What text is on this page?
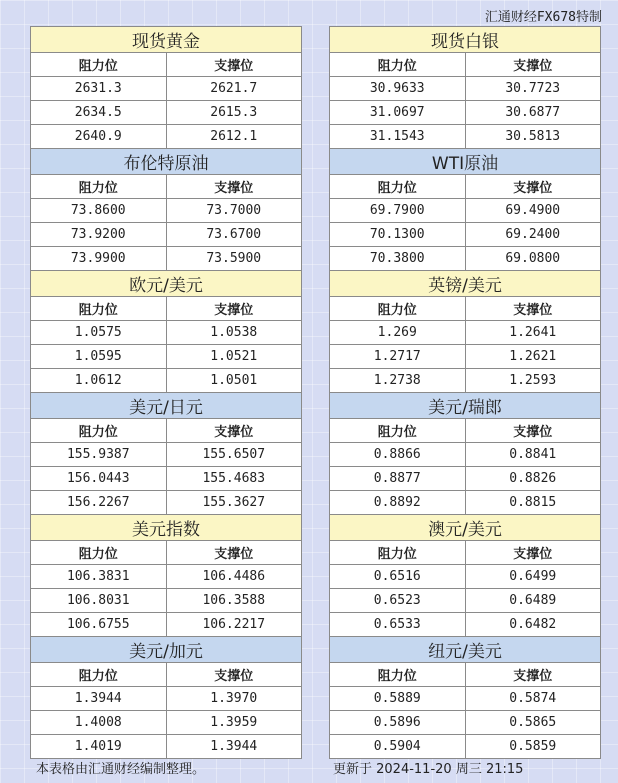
汇通财经FX678特制
现货黄金	
阻力位	支撑位
2631.3	2621.7
2634.5	2615.3
2640.9	2612.1
布伦特原油	
阻力位	支撑位
73.8600	73.7000
73.9200	73.6700
73.9900	73.5900
欧元/美元	
阻力位	支撑位
1.0575	1.0538
1.0595	1.0521
1.0612	1.0501
美元/日元	
阻力位	支撑位
155.9387	155.6507
156.0443	155.4683
156.2267	155.3627
美元指数	
阻力位	支撑位
106.3831	106.4486
106.8031	106.3588
106.6755	106.2217
美元/加元	
阻力位	支撑位
1.3944	1.3970
1.4008	1.3959
1.4019	1.3944
现货白银	
阻力位	支撑位
30.9633	30.7723
31.0697	30.6877
31.1543	30.5813
WTI原油	
阻力位	支撑位
69.7900	69.4900
70.1300	69.2400
70.3800	69.0800
英镑/美元	
阻力位	支撑位
1.269	1.2641
1.2717	1.2621
1.2738	1.2593
美元/瑞郎	
阻力位	支撑位
0.8866	0.8841
0.8877	0.8826
0.8892	0.8815
澳元/美元	
阻力位	支撑位
0.6516	0.6499
0.6523	0.6489
0.6533	0.6482
纽元/美元	
阻力位	支撑位
0.5889	0.5874
0.5896	0.5865
0.5904	0.5859
本表格由汇通财经编制整理。	更新于 2024-11-20 周三 21:15
